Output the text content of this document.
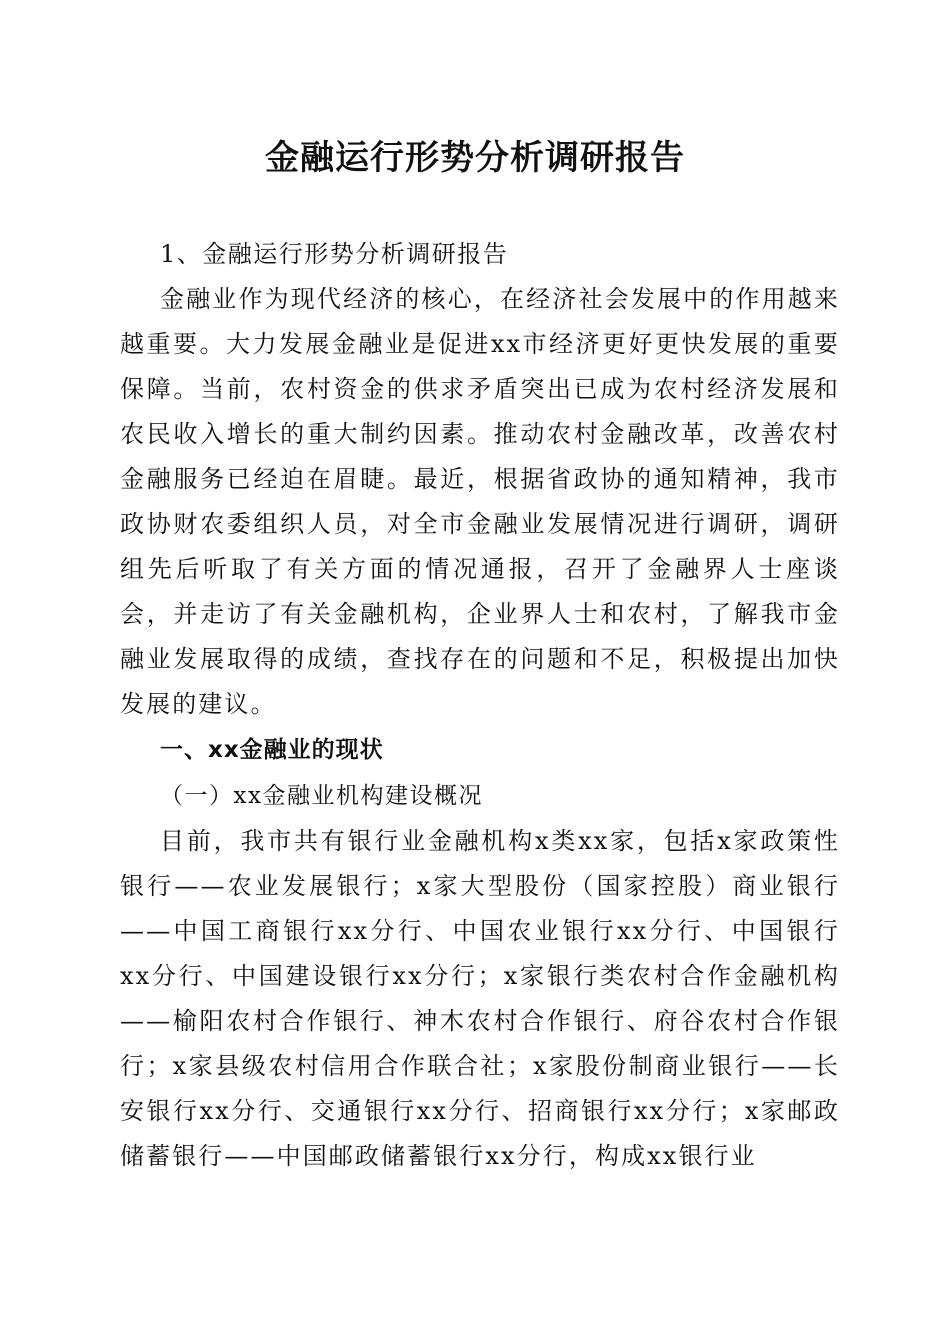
金融运行形势分析调研报告

1、金融运行形势分析调研报告

金融业作为现代经济的核心，在经济社会发展中的作用越来越重要。大力发展金融业是促进xx市经济更好更快发展的重要保障。当前，农村资金的供求矛盾突出已成为农村经济发展和农民收入增长的重大制约因素。推动农村金融改革，改善农村金融服务已经迫在眉睫。最近，根据省政协的通知精神，我市政协财农委组织人员，对全市金融业发展情况进行调研，调研组先后听取了有关方面的情况通报，召开了金融界人士座谈会，并走访了有关金融机构，企业界人士和农村，了解我市金融业发展取得的成绩，查找存在的问题和不足，积极提出加快发展的建议。

一、xx金融业的现状

（一）xx金融业机构建设概况

目前，我市共有银行业金融机构x类xx家，包括x家政策性银行——农业发展银行；x家大型股份（国家控股）商业银行——中国工商银行xx分行、中国农业银行xx分行、中国银行xx分行、中国建设银行xx分行；x家银行类农村合作金融机构——榆阳农村合作银行、神木农村合作银行、府谷农村合作银行；x家县级农村信用合作联合社；x家股份制商业银行——长安银行xx分行、交通银行xx分行、招商银行xx分行；x家邮政储蓄银行——中国邮政储蓄银行xx分行，构成xx银行业
